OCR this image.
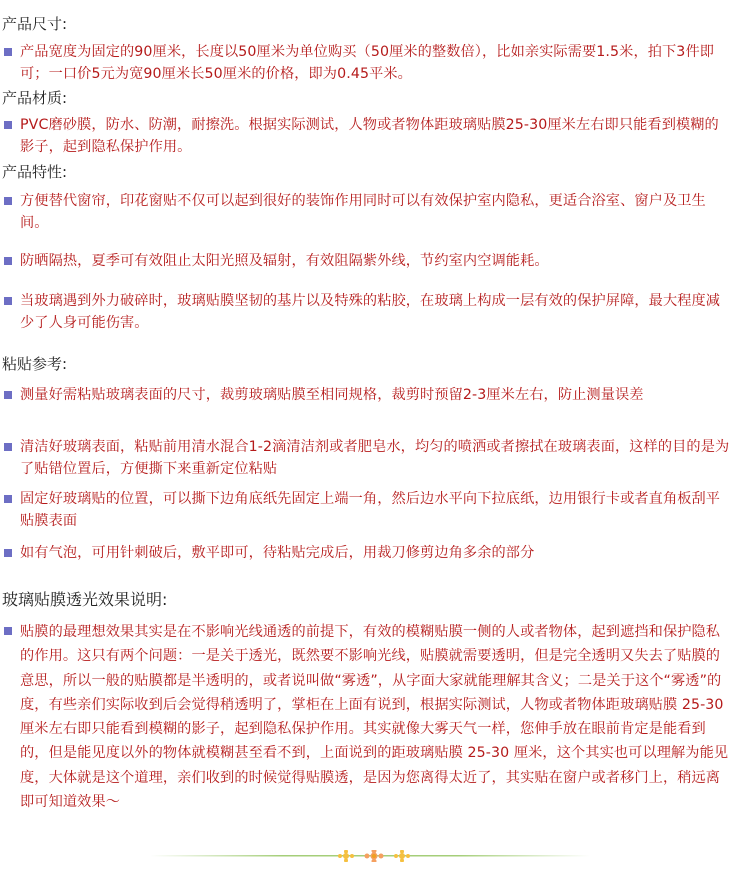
产品尺寸:
产品宽度为固定的90厘米，长度以50厘米为单位购买（50厘米的整数倍），比如亲实际需要1.5米，拍下3件即可；一口价5元为宽90厘米长50厘米的价格，即为0.45平米。
产品材质:
PVC磨砂膜，防水、防潮，耐擦洗。根据实际测试，人物或者物体距玻璃贴膜25-30厘米左右即只能看到模糊的影子，起到隐私保护作用。
产品特性:
方便替代窗帘，印花窗贴不仅可以起到很好的装饰作用同时可以有效保护室内隐私，更适合浴室、窗户及卫生间。
防晒隔热，夏季可有效阻止太阳光照及辐射，有效阻隔紫外线，节约室内空调能耗。
当玻璃遇到外力破碎时，玻璃贴膜坚韧的基片以及特殊的粘胶，在玻璃上构成一层有效的保护屏障，最大程度减少了人身可能伤害。
粘贴参考:
测量好需粘贴玻璃表面的尺寸，裁剪玻璃贴膜至相同规格，裁剪时预留2-3厘米左右，防止测量误差
清洁好玻璃表面，粘贴前用清水混合1-2滴清洁剂或者肥皂水，均匀的喷洒或者擦拭在玻璃表面，这样的目的是为了贴错位置后，方便撕下来重新定位粘贴
固定好玻璃贴的位置，可以撕下边角底纸先固定上端一角，然后边水平向下拉底纸，边用银行卡或者直角板刮平贴膜表面
如有气泡，可用针刺破后，敷平即可，待粘贴完成后，用裁刀修剪边角多余的部分
玻璃贴膜透光效果说明:
贴膜的最理想效果其实是在不影响光线通透的前提下，有效的模糊贴膜一侧的人或者物体，起到遮挡和保护隐私的作用。这只有两个问题：一是关于透光，既然要不影响光线，贴膜就需要透明，但是完全透明又失去了贴膜的意思，所以一般的贴膜都是半透明的，或者说叫做“雾透”，从字面大家就能理解其含义；二是关于这个“雾透”的度，有些亲们实际收到后会觉得稍透明了，掌柜在上面有说到，根据实际测试，人物或者物体距玻璃贴膜 25-30 厘米左右即只能看到模糊的影子，起到隐私保护作用。其实就像大雾天气一样，您伸手放在眼前肯定是能看到的，但是能见度以外的物体就模糊甚至看不到，上面说到的距玻璃贴膜 25-30 厘米，这个其实也可以理解为能见度，大体就是这个道理，亲们收到的时候觉得贴膜透，是因为您离得太近了，其实贴在窗户或者移门上，稍远离即可知道效果～
